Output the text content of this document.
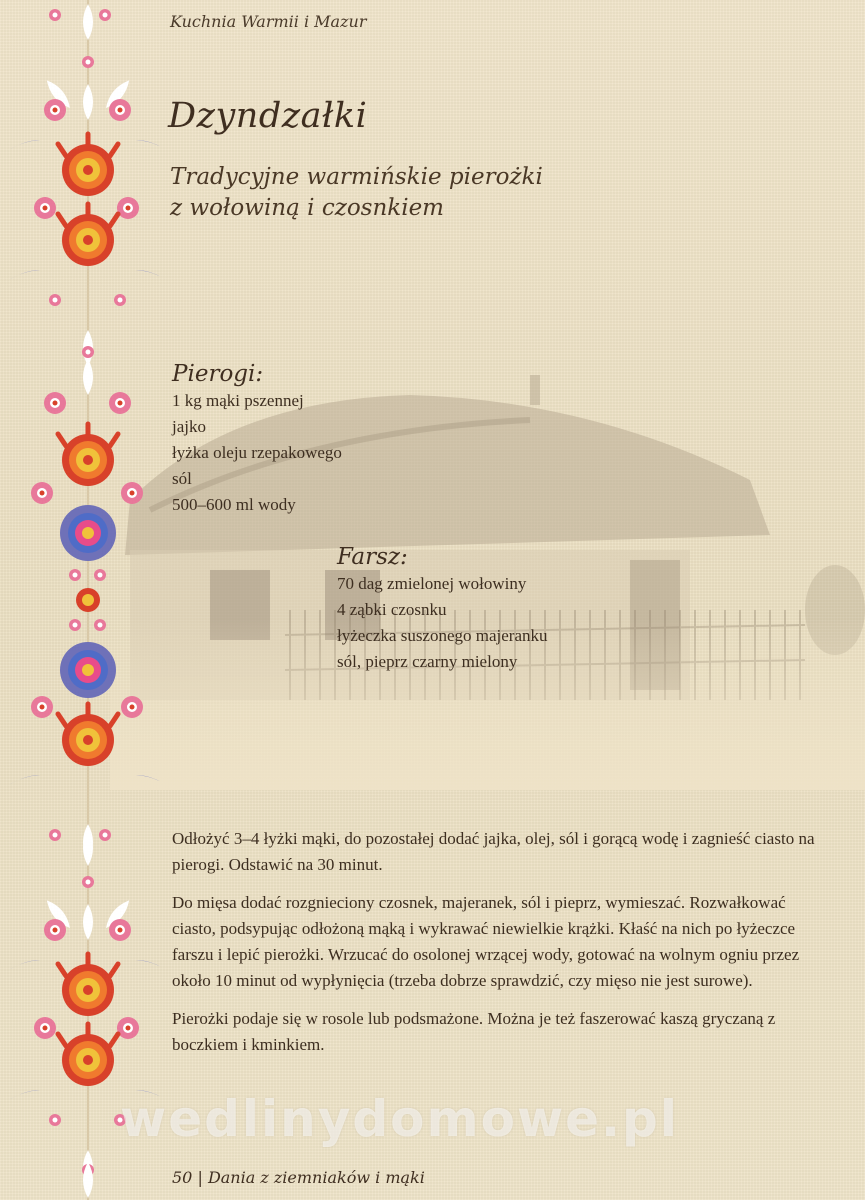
Kuchnia Warmii i Mazur
Dzyndzałki
Tradycyjne warmińskie pierożki
z wołowiną i czosnkiem
Pierogi:
1 kg mąki pszennej
jajko
łyżka oleju rzepakowego
sól
500–600 ml wody
Farsz:
70 dag zmielonej wołowiny
4 ząbki czosnku
łyżeczka suszonego majeranku
sól, pieprz czarny mielony

Odłożyć 3–4 łyżki mąki, do pozostałej dodać jajka, olej, sól i gorącą wodę i zagnieść ciasto na pierogi. Odstawić na 30 minut.

Do mięsa dodać rozgnieciony czosnek, majeranek, sól i pieprz, wymieszać. Rozwałkować ciasto, podsypując odłożoną mąką i wykrawać niewielkie krążki. Kłaść na nich po łyżeczce farszu i lepić pierożki. Wrzucać do osolonej wrzącej wody, gotować na wolnym ogniu przez około 10 minut od wypłynięcia (trzeba dobrze sprawdzić, czy mięso nie jest surowe).

Pierożki podaje się w rosole lub podsmażone. Można je też faszerować kaszą gryczaną z boczkiem i kminkiem.

wedlinydomowe.pl
50 | Dania z ziemniaków i mąki
